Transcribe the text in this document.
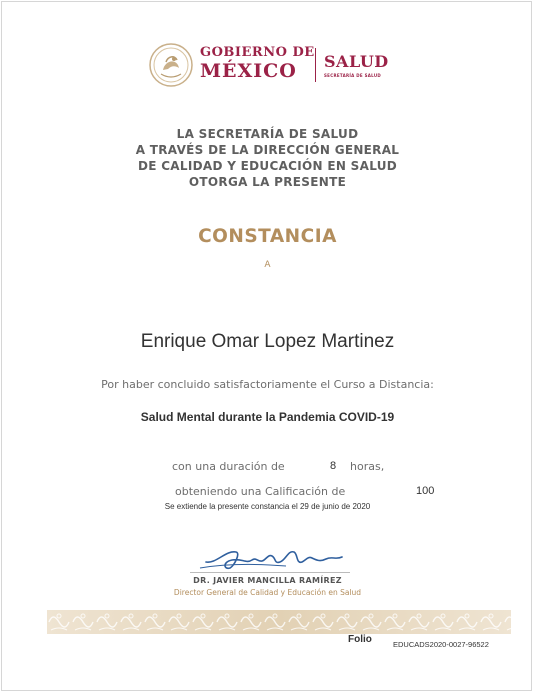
GOBIERNO DE
MÉXICO	SALUD
SECRETARÍA DE SALUD
LA SECRETARÍA DE SALUD
A TRAVÉS DE LA DIRECCIÓN GENERAL
DE CALIDAD Y EDUCACIÓN EN SALUD
OTORGA LA PRESENTE
CONSTANCIA
A
Enrique Omar Lopez Martinez
Por haber concluido satisfactoriamente el Curso a Distancia:
Salud Mental durante la Pandemia COVID-19
con una duración de	8 horas,
obteniendo una Calificación de	100
Se extiende la presente constancia el 29 de junio de 2020
DR. JAVIER MANCILLA RAMÍREZ
Director General de Calidad y Educación en Salud
Folio	EDUCADS2020-0027-96522
